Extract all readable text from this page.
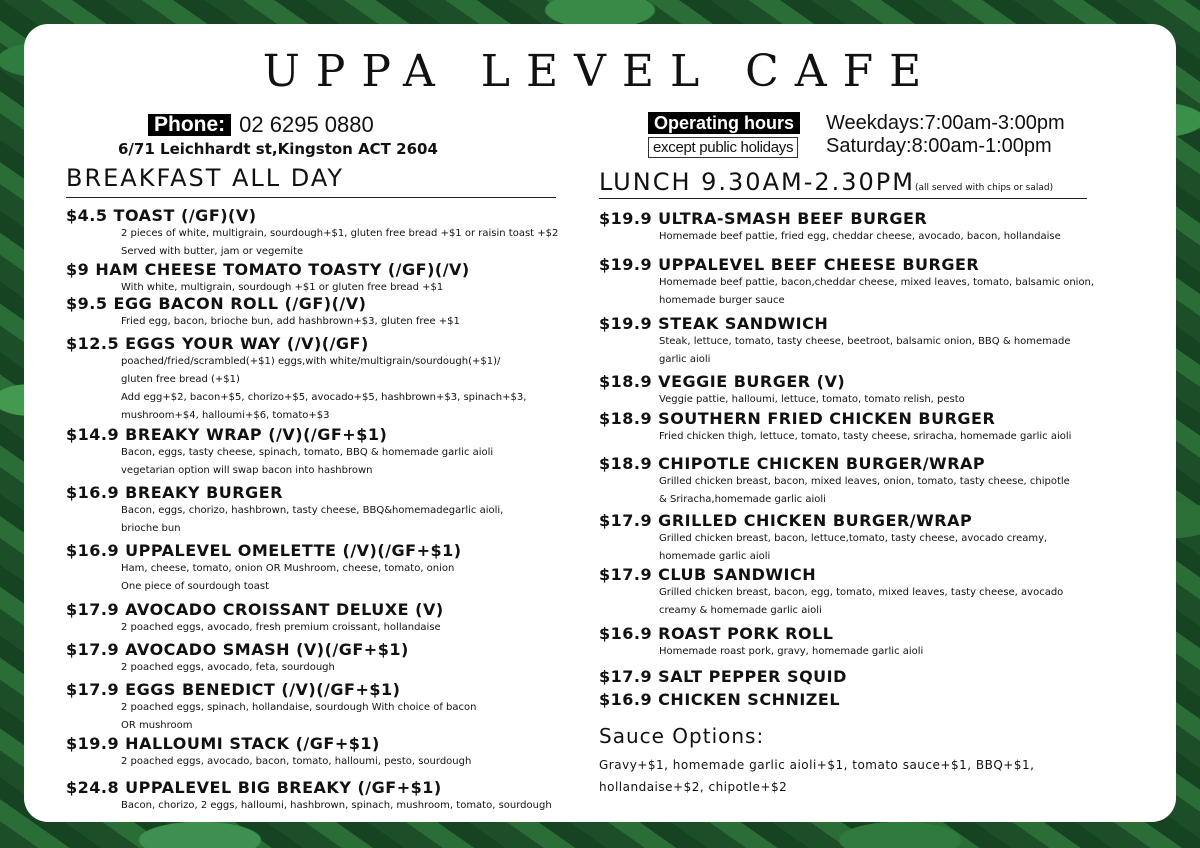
UPPA LEVEL CAFE
Phone: 02 6295 0880
6/71 Leichhardt st,Kingston ACT 2604
Operating hours
except public holidays
Weekdays:7:00am-3:00pm
Saturday:8:00am-1:00pm
BREAKFAST ALL DAY	LUNCH 9.30AM-2.30PM(all served with chips or salad)
$4.5 TOAST (/GF)(V)
2 pieces of white, multigrain, sourdough+$1, gluten free bread +$1 or raisin toast +$2
Served with butter, jam or vegemite
$9 HAM CHEESE TOMATO TOASTY (/GF)(/V)
With white, multigrain, sourdough +$1 or gluten free bread +$1
$9.5 EGG BACON ROLL (/GF)(/V)
Fried egg, bacon, brioche bun, add hashbrown+$3, gluten free +$1
$12.5 EGGS YOUR WAY (/V)(/GF)
poached/fried/scrambled(+$1) eggs,with white/multigrain/sourdough(+$1)/
gluten free bread (+$1)
Add egg+$2, bacon+$5, chorizo+$5, avocado+$5, hashbrown+$3, spinach+$3,
mushroom+$4, halloumi+$6, tomato+$3
$14.9 BREAKY WRAP (/V)(/GF+$1)
Bacon, eggs, tasty cheese, spinach, tomato, BBQ & homemade garlic aioli
vegetarian option will swap bacon into hashbrown
$16.9 BREAKY BURGER
Bacon, eggs, chorizo, hashbrown, tasty cheese, BBQ&homemadegarlic aioli,
brioche bun
$16.9 UPPALEVEL OMELETTE (/V)(/GF+$1)
Ham, cheese, tomato, onion OR Mushroom, cheese, tomato, onion
One piece of sourdough toast
$17.9 AVOCADO CROISSANT DELUXE (V)
2 poached eggs, avocado, fresh premium croissant, hollandaise
$17.9 AVOCADO SMASH (V)(/GF+$1)
2 poached eggs, avocado, feta, sourdough
$17.9 EGGS BENEDICT (/V)(/GF+$1)
2 poached eggs, spinach, hollandaise, sourdough With choice of bacon
OR mushroom
$19.9 HALLOUMI STACK (/GF+$1)
2 poached eggs, avocado, bacon, tomato, halloumi, pesto, sourdough
$24.8 UPPALEVEL BIG BREAKY (/GF+$1)
Bacon, chorizo, 2 eggs, halloumi, hashbrown, spinach, mushroom, tomato, sourdough
$19.9 ULTRA-SMASH BEEF BURGER
Homemade beef pattie, fried egg, cheddar cheese, avocado, bacon, hollandaise
$19.9 UPPALEVEL BEEF CHEESE BURGER
Homemade beef pattie, bacon,cheddar cheese, mixed leaves, tomato, balsamic onion,
homemade burger sauce
$19.9 STEAK SANDWICH
Steak, lettuce, tomato, tasty cheese, beetroot, balsamic onion, BBQ & homemade
garlic aioli
$18.9 VEGGIE BURGER (V)
Veggie pattie, halloumi, lettuce, tomato, tomato relish, pesto
$18.9 SOUTHERN FRIED CHICKEN BURGER
Fried chicken thigh, lettuce, tomato, tasty cheese, sriracha, homemade garlic aioli
$18.9 CHIPOTLE CHICKEN BURGER/WRAP
Grilled chicken breast, bacon, mixed leaves, onion, tomato, tasty cheese, chipotle
& Sriracha,homemade garlic aioli
$17.9 GRILLED CHICKEN BURGER/WRAP
Grilled chicken breast, bacon, lettuce,tomato, tasty cheese, avocado creamy,
homemade garlic aioli
$17.9 CLUB SANDWICH
Grilled chicken breast, bacon, egg, tomato, mixed leaves, tasty cheese, avocado
creamy & homemade garlic aioli
$16.9 ROAST PORK ROLL
Homemade roast pork, gravy, homemade garlic aioli
$17.9 SALT PEPPER SQUID
$16.9 CHICKEN SCHNIZEL
Sauce Options:
Gravy+$1, homemade garlic aioli+$1, tomato sauce+$1, BBQ+$1,
hollandaise+$2, chipotle+$2
